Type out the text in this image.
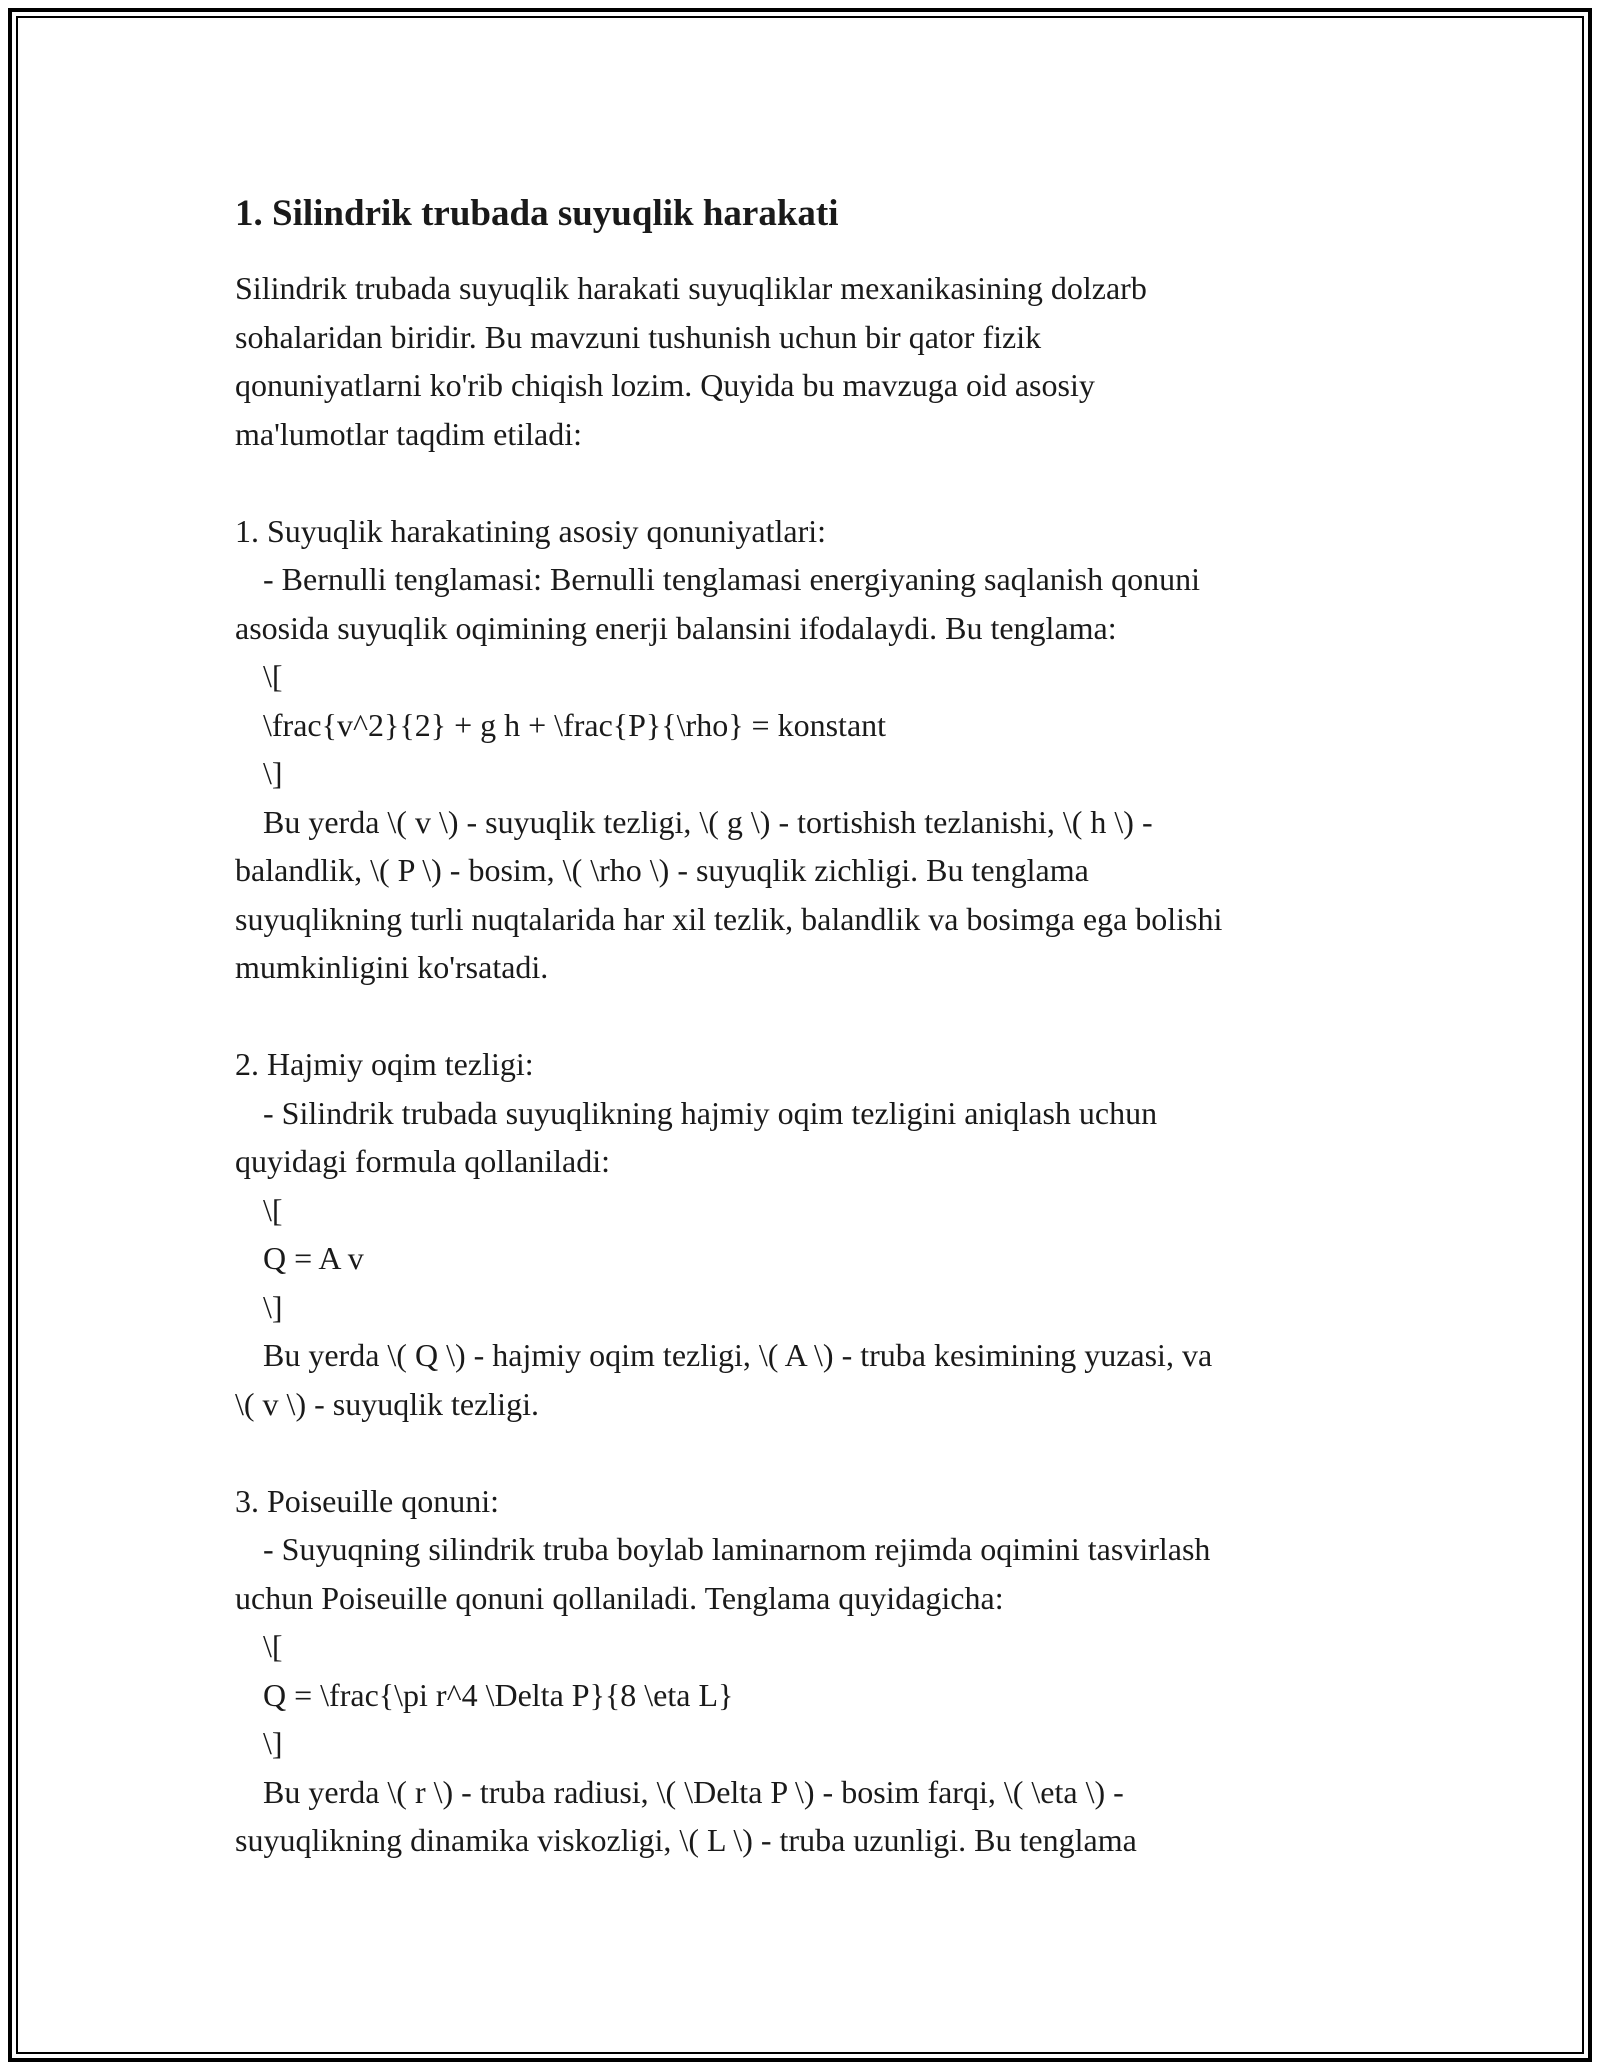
1. Silindrik trubada suyuqlik harakati

Silindrik trubada suyuqlik harakati suyuqliklar mexanikasining dolzarb
sohalaridan biridir. Bu mavzuni tushunish uchun bir qator fizik
qonuniyatlarni ko'rib chiqish lozim. Quyida bu mavzuga oid asosiy
ma'lumotlar taqdim etiladi:

1. Suyuqlik harakatining asosiy qonuniyatlari:

- Bernulli tenglamasi: Bernulli tenglamasi energiyaning saqlanish qonuni

asosida suyuqlik oqimining enerji balansini ifodalaydi. Bu tenglama:

\[

\frac{v^2}{2} + g h + \frac{P}{\rho} = konstant

\]

Bu yerda \( v \) - suyuqlik tezligi, \( g \) - tortishish tezlanishi, \( h \) -

balandlik, \( P \) - bosim, \( \rho \) - suyuqlik zichligi. Bu tenglama
suyuqlikning turli nuqtalarida har xil tezlik, balandlik va bosimga ega bolishi
mumkinligini ko'rsatadi.

2. Hajmiy oqim tezligi:

- Silindrik trubada suyuqlikning hajmiy oqim tezligini aniqlash uchun

quyidagi formula qollaniladi:

\[

Q = A v

\]

Bu yerda \( Q \) - hajmiy oqim tezligi, \( A \) - truba kesimining yuzasi, va

\( v \) - suyuqlik tezligi.

3. Poiseuille qonuni:

- Suyuqning silindrik truba boylab laminarnom rejimda oqimini tasvirlash

uchun Poiseuille qonuni qollaniladi. Tenglama quyidagicha:

\[

Q = \frac{\pi r^4 \Delta P}{8 \eta L}

\]

Bu yerda \( r \) - truba radiusi, \( \Delta P \) - bosim farqi, \( \eta \) -

suyuqlikning dinamika viskozligi, \( L \) - truba uzunligi. Bu tenglama
